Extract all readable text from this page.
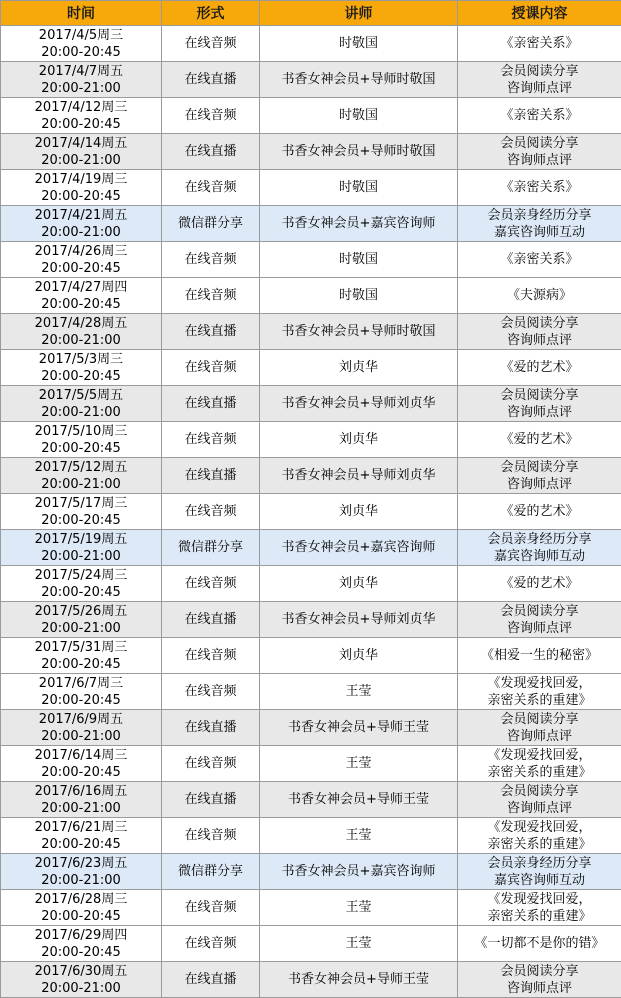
时间	形式	讲师	授课内容

2017/4/5周三
20:00-20:45	在线音频	时敬国	《亲密关系》

2017/4/7周五
20:00-21:00	在线直播	书香女神会员+导师时敬国	会员阅读分享
咨询师点评

2017/4/12周三
20:00-20:45	在线音频	时敬国	《亲密关系》

2017/4/14周五
20:00-21:00	在线直播	书香女神会员+导师时敬国	会员阅读分享
咨询师点评

2017/4/19周三
20:00-20:45	在线音频	时敬国	《亲密关系》

2017/4/21周五
20:00-21:00	微信群分享	书香女神会员+嘉宾咨询师	会员亲身经历分享
嘉宾咨询师互动

2017/4/26周三
20:00-20:45	在线音频	时敬国	《亲密关系》

2017/4/27周四
20:00-20:45	在线音频	时敬国	《夫源病》

2017/4/28周五
20:00-21:00	在线直播	书香女神会员+导师时敬国	会员阅读分享
咨询师点评

2017/5/3周三
20:00-20:45	在线音频	刘贞华	《爱的艺术》

2017/5/5周五
20:00-21:00	在线直播	书香女神会员+导师刘贞华	会员阅读分享
咨询师点评

2017/5/10周三
20:00-20:45	在线音频	刘贞华	《爱的艺术》

2017/5/12周五
20:00-21:00	在线直播	书香女神会员+导师刘贞华	会员阅读分享
咨询师点评

2017/5/17周三
20:00-20:45	在线音频	刘贞华	《爱的艺术》

2017/5/19周五
20:00-21:00	微信群分享	书香女神会员+嘉宾咨询师	会员亲身经历分享
嘉宾咨询师互动

2017/5/24周三
20:00-20:45	在线音频	刘贞华	《爱的艺术》

2017/5/26周五
20:00-21:00	在线直播	书香女神会员+导师刘贞华	会员阅读分享
咨询师点评

2017/5/31周三
20:00-20:45	在线音频	刘贞华	《相爱一生的秘密》

2017/6/7周三
20:00-20:45	在线音频	王莹	《发现爱找回爱，
亲密关系的重建》

2017/6/9周五
20:00-21:00	在线直播	书香女神会员+导师王莹	会员阅读分享
咨询师点评

2017/6/14周三
20:00-20:45	在线音频	王莹	《发现爱找回爱，
亲密关系的重建》

2017/6/16周五
20:00-21:00	在线直播	书香女神会员+导师王莹	会员阅读分享
咨询师点评

2017/6/21周三
20:00-20:45	在线音频	王莹	《发现爱找回爱，
亲密关系的重建》

2017/6/23周五
20:00-21:00	微信群分享	书香女神会员+嘉宾咨询师	会员亲身经历分享
嘉宾咨询师互动

2017/6/28周三
20:00-20:45	在线音频	王莹	《发现爱找回爱，
亲密关系的重建》

2017/6/29周四
20:00-20:45	在线音频	王莹	《一切都不是你的错》

2017/6/30周五
20:00-21:00	在线直播	书香女神会员+导师王莹	会员阅读分享
咨询师点评
